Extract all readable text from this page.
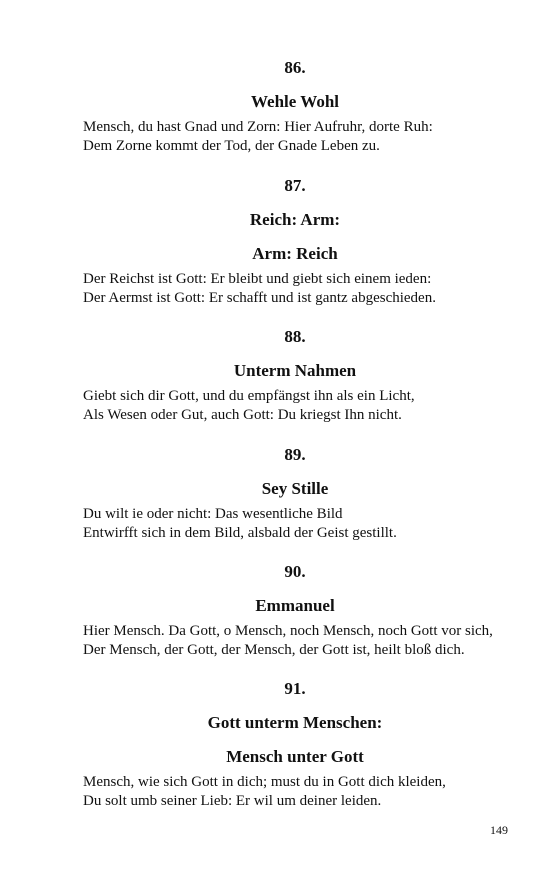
86.
Wehle Wohl
Mensch, du hast Gnad und Zorn: Hier Aufruhr, dorte Ruh:
Dem Zorne kommt der Tod, der Gnade Leben zu.
87.
Reich: Arm:
Arm: Reich
Der Reichst ist Gott: Er bleibt und giebt sich einem ieden:
Der Aermst ist Gott: Er schafft und ist gantz abgeschieden.
88.
Unterm Nahmen
Giebt sich dir Gott, und du empfängst ihn als ein Licht,
Als Wesen oder Gut, auch Gott: Du kriegst Ihn nicht.
89.
Sey Stille
Du wilt ie oder nicht: Das wesentliche Bild
Entwirfft sich in dem Bild, alsbald der Geist gestillt.
90.
Emmanuel
Hier Mensch. Da Gott, o Mensch, noch Mensch, noch Gott vor sich,
Der Mensch, der Gott, der Mensch, der Gott ist, heilt bloß dich.
91.
Gott unterm Menschen:
Mensch unter Gott
Mensch, wie sich Gott in dich; must du in Gott dich kleiden,
Du solt umb seiner Lieb: Er wil um deiner leiden.
149
